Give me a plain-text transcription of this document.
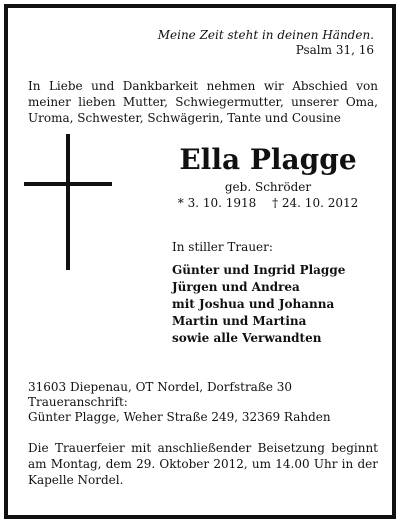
Meine Zeit steht in deinen Händen.
Psalm 31, 16
In Liebe und Dankbarkeit nehmen wir Abschied von meiner lieben Mutter, Schwiegermutter, unserer Oma, Uroma, Schwester, Schwägerin, Tante und Cousine
Ella Plagge
geb. Schröder
* 3. 10. 1918 † 24. 10. 2012
In stiller Trauer:
Günter und Ingrid Plagge
Jürgen und Andrea
mit Joshua und Johanna
Martin und Martina
sowie alle Verwandten
31603 Diepenau, OT Nordel, Dorfstraße 30
Traueranschrift:
Günter Plagge, Weher Straße 249, 32369 Rahden
Die Trauerfeier mit anschließender Beisetzung beginnt am Montag, dem 29. Oktober 2012, um 14.00 Uhr in der Kapelle Nordel.
